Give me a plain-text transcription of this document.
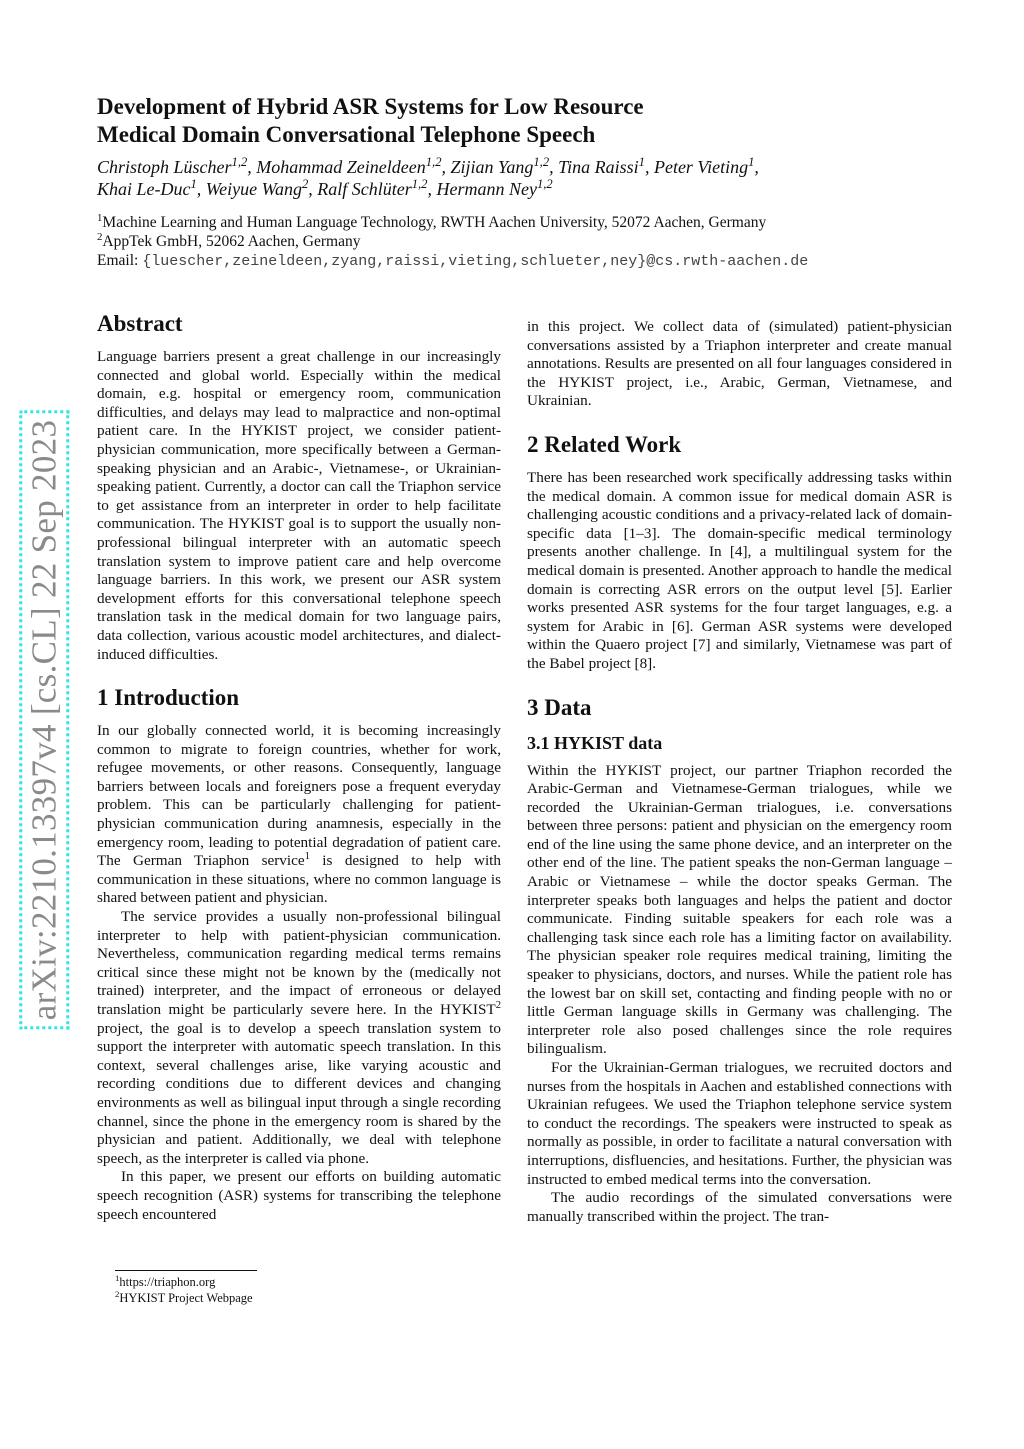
arXiv:2210.13397v4 [cs.CL] 22 Sep 2023
Development of Hybrid ASR Systems for Low Resource
Medical Domain Conversational Telephone Speech
Christoph Lüscher$^{1,2}$, Mohammad Zeineldeen$^{1,2}$, Zijian Yang$^{1,2}$, Tina Raissi$^1$, Peter Vieting$^1$,
Khai Le-Duc$^1$, Weiyue Wang$^2$, Ralf Schlüter$^{1,2}$, Hermann Ney$^{1,2}$
$^1$Machine Learning and Human Language Technology, RWTH Aachen University, 52072 Aachen, Germany
$^2$AppTek GmbH, 52062 Aachen, Germany
Email: {luescher,zeineldeen,zyang,raissi,vieting,schlueter,ney}@cs.rwth-aachen.de
Abstract

Language barriers present a great challenge in our increasingly connected and global world. Especially within the medical domain, e.g. hospital or emergency room, communication difficulties, and delays may lead to malpractice and non-optimal patient care. In the HYKIST project, we consider patient-physician communication, more specifically between a German-speaking physician and an Arabic-, Vietnamese-, or Ukrainian-speaking patient. Currently, a doctor can call the Triaphon service to get assistance from an interpreter in order to help facilitate communication. The HYKIST goal is to support the usually non-professional bilingual interpreter with an automatic speech translation system to improve patient care and help overcome language barriers. In this work, we present our ASR system development efforts for this conversational telephone speech translation task in the medical domain for two language pairs, data collection, various acoustic model architectures, and dialect-induced difficulties.

1 Introduction

In our globally connected world, it is becoming increasingly common to migrate to foreign countries, whether for work, refugee movements, or other reasons. Consequently, language barriers between locals and foreigners pose a frequent everyday problem. This can be particularly challenging for patient-physician communication during anamnesis, especially in the emergency room, leading to potential degradation of patient care. The German Triaphon service$^1$ is designed to help with communication in these situations, where no common language is shared between patient and physician.

The service provides a usually non-professional bilingual interpreter to help with patient-physician communication. Nevertheless, communication regarding medical terms remains critical since these might not be known by the (medically not trained) interpreter, and the impact of erroneous or delayed translation might be particularly severe here. In the HYKIST$^2$ project, the goal is to develop a speech translation system to support the interpreter with automatic speech translation. In this context, several challenges arise, like varying acoustic and recording conditions due to different devices and changing environments as well as bilingual input through a single recording channel, since the phone in the emergency room is shared by the physician and patient. Additionally, we deal with telephone speech, as the interpreter is called via phone.

In this paper, we present our efforts on building automatic speech recognition (ASR) systems for transcribing the telephone speech encountered

in this project. We collect data of (simulated) patient-physician conversations assisted by a Triaphon interpreter and create manual annotations. Results are presented on all four languages considered in the HYKIST project, i.e., Arabic, German, Vietnamese, and Ukrainian.

2 Related Work

There has been researched work specifically addressing tasks within the medical domain. A common issue for medical domain ASR is challenging acoustic conditions and a privacy-related lack of domain-specific data [1–3]. The domain-specific medical terminology presents another challenge. In [4], a multilingual system for the medical domain is presented. Another approach to handle the medical domain is correcting ASR errors on the output level [5]. Earlier works presented ASR systems for the four target languages, e.g. a system for Arabic in [6]. German ASR systems were developed within the Quaero project [7] and similarly, Vietnamese was part of the Babel project [8].

3 Data
3.1 HYKIST data

Within the HYKIST project, our partner Triaphon recorded the Arabic-German and Vietnamese-German trialogues, while we recorded the Ukrainian-German trialogues, i.e. conversations between three persons: patient and physician on the emergency room end of the line using the same phone device, and an interpreter on the other end of the line. The patient speaks the non-German language – Arabic or Vietnamese – while the doctor speaks German. The interpreter speaks both languages and helps the patient and doctor communicate. Finding suitable speakers for each role was a challenging task since each role has a limiting factor on availability. The physician speaker role requires medical training, limiting the speaker to physicians, doctors, and nurses. While the patient role has the lowest bar on skill set, contacting and finding people with no or little German language skills in Germany was challenging. The interpreter role also posed challenges since the role requires bilingualism.

For the Ukrainian-German trialogues, we recruited doctors and nurses from the hospitals in Aachen and established connections with Ukrainian refugees. We used the Triaphon telephone service system to conduct the recordings. The speakers were instructed to speak as normally as possible, in order to facilitate a natural conversation with interruptions, disfluencies, and hesitations. Further, the physician was instructed to embed medical terms into the conversation.

The audio recordings of the simulated conversations were manually transcribed within the project. The tran-

$^1$https://triaphon.org
$^2$HYKIST Project Webpage
